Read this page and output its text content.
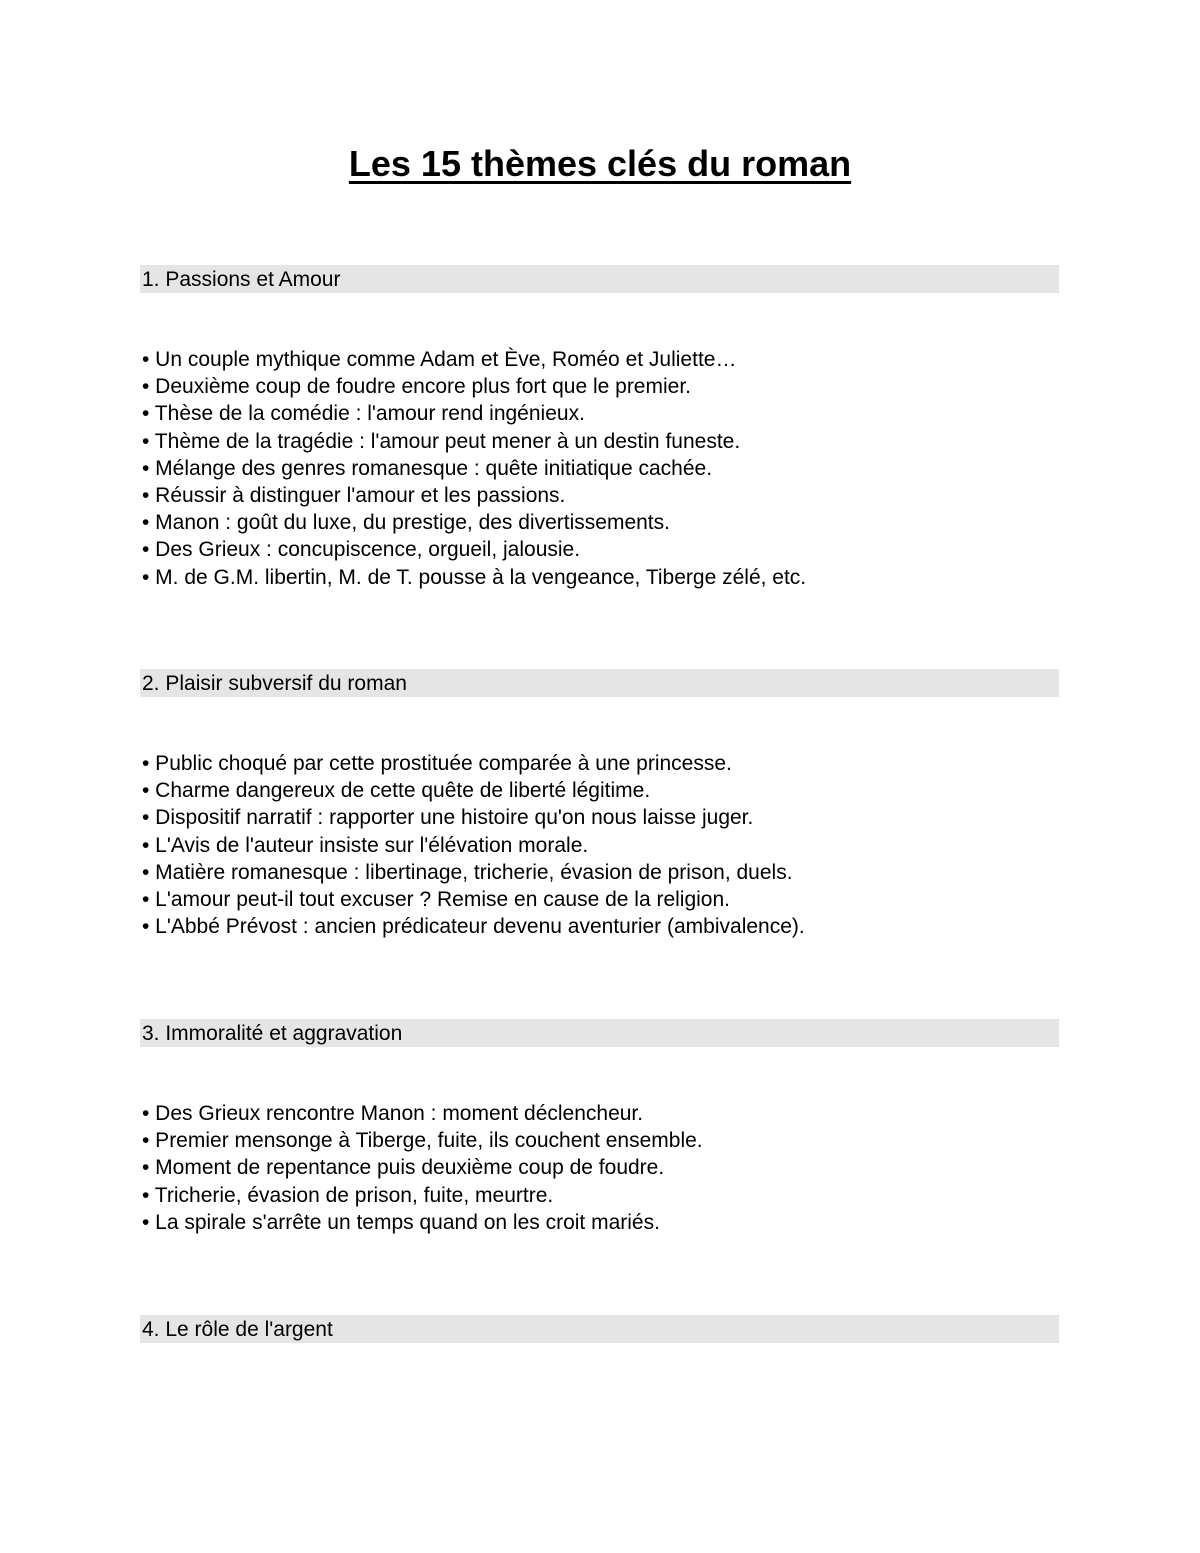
Les 15 thèmes clés du roman
1. Passions et Amour
• Un couple mythique comme Adam et Ève, Roméo et Juliette…
• Deuxième coup de foudre encore plus fort que le premier.
• Thèse de la comédie : l'amour rend ingénieux.
• Thème de la tragédie : l'amour peut mener à un destin funeste.
• Mélange des genres romanesque : quête initiatique cachée.
• Réussir à distinguer l'amour et les passions.
• Manon : goût du luxe, du prestige, des divertissements.
• Des Grieux : concupiscence, orgueil, jalousie.
• M. de G.M. libertin, M. de T. pousse à la vengeance, Tiberge zélé, etc.
2. Plaisir subversif du roman
• Public choqué par cette prostituée comparée à une princesse.
• Charme dangereux de cette quête de liberté légitime.
• Dispositif narratif : rapporter une histoire qu'on nous laisse juger.
• L'Avis de l'auteur insiste sur l'élévation morale.
• Matière romanesque : libertinage, tricherie, évasion de prison, duels.
• L'amour peut-il tout excuser ? Remise en cause de la religion.
• L'Abbé Prévost : ancien prédicateur devenu aventurier (ambivalence).
3. Immoralité et aggravation
• Des Grieux rencontre Manon : moment déclencheur.
• Premier mensonge à Tiberge, fuite, ils couchent ensemble.
• Moment de repentance puis deuxième coup de foudre.
• Tricherie, évasion de prison, fuite, meurtre.
• La spirale s'arrête un temps quand on les croit mariés.
4. Le rôle de l'argent
